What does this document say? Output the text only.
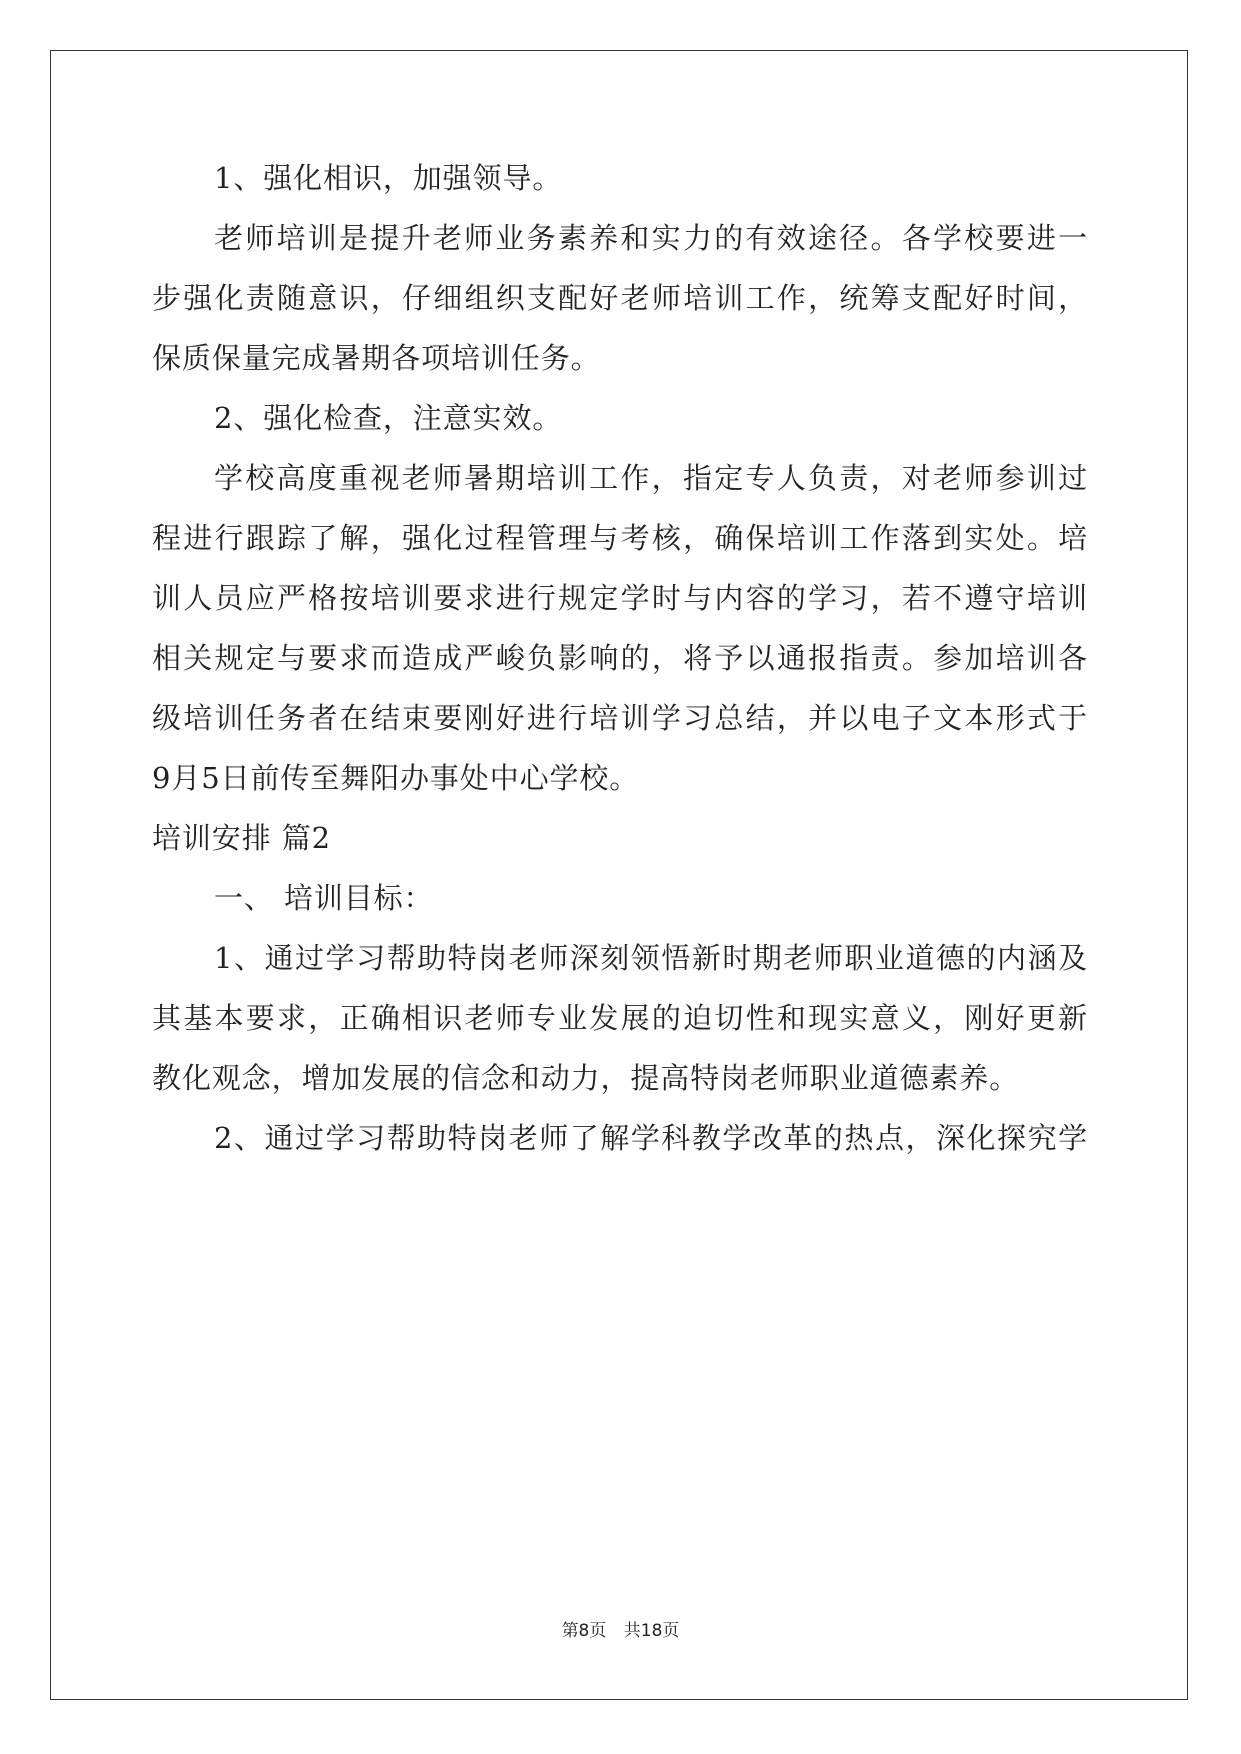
1、强化相识，加强领导。
老师培训是提升老师业务素养和实力的有效途径。各学校要进一
步强化责随意识，仔细组织支配好老师培训工作，统筹支配好时间，
保质保量完成暑期各项培训任务。
2、强化检查，注意实效。
学校高度重视老师暑期培训工作，指定专人负责，对老师参训过
程进行跟踪了解，强化过程管理与考核，确保培训工作落到实处。培
训人员应严格按培训要求进行规定学时与内容的学习，若不遵守培训
相关规定与要求而造成严峻负影响的，将予以通报指责。参加培训各
级培训任务者在结束要刚好进行培训学习总结，并以电子文本形式于
9月5日前传至舞阳办事处中心学校。
培训安排 篇2
一、 培训目标：
1、通过学习帮助特岗老师深刻领悟新时期老师职业道德的内涵及
其基本要求，正确相识老师专业发展的迫切性和现实意义，刚好更新
教化观念，增加发展的信念和动力，提高特岗老师职业道德素养。
2、通过学习帮助特岗老师了解学科教学改革的热点，深化探究学
第8页 共18页
